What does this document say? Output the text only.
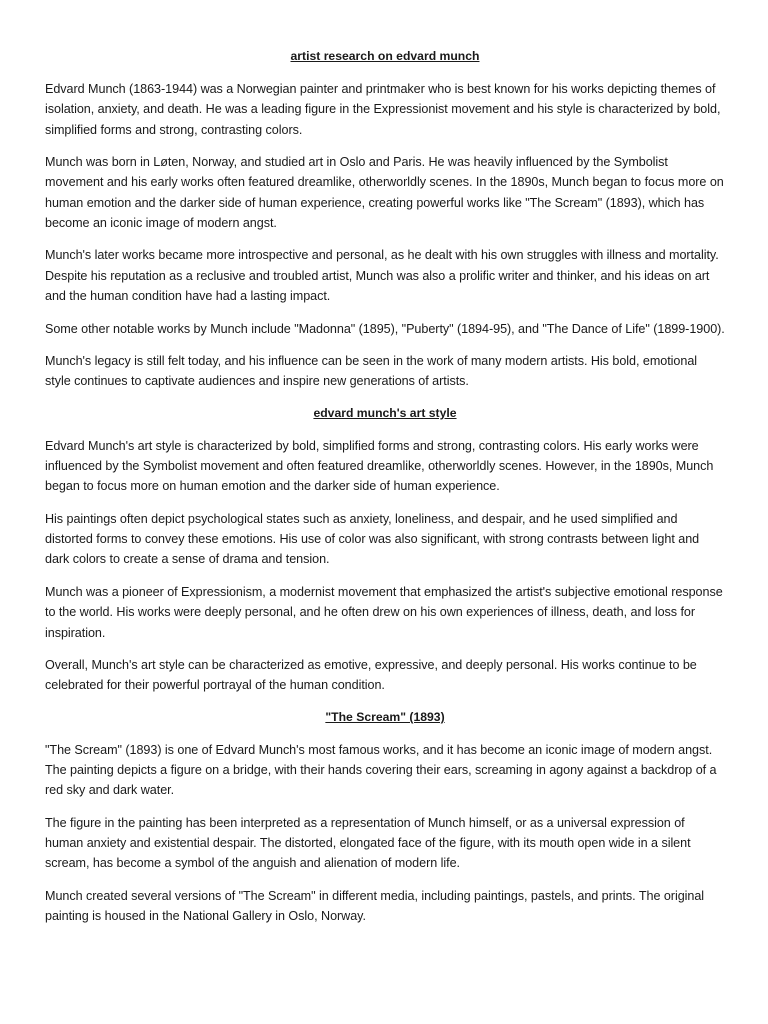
artist research on edvard munch

Edvard Munch (1863-1944) was a Norwegian painter and printmaker who is best known for his works depicting themes of isolation, anxiety, and death. He was a leading figure in the Expressionist movement and his style is characterized by bold, simplified forms and strong, contrasting colors.

Munch was born in Løten, Norway, and studied art in Oslo and Paris. He was heavily influenced by the Symbolist movement and his early works often featured dreamlike, otherworldly scenes. In the 1890s, Munch began to focus more on human emotion and the darker side of human experience, creating powerful works like "The Scream" (1893), which has become an iconic image of modern angst.

Munch's later works became more introspective and personal, as he dealt with his own struggles with illness and mortality. Despite his reputation as a reclusive and troubled artist, Munch was also a prolific writer and thinker, and his ideas on art and the human condition have had a lasting impact.

Some other notable works by Munch include "Madonna" (1895), "Puberty" (1894-95), and "The Dance of Life" (1899-1900).

Munch's legacy is still felt today, and his influence can be seen in the work of many modern artists. His bold, emotional style continues to captivate audiences and inspire new generations of artists.

edvard munch's art style

Edvard Munch's art style is characterized by bold, simplified forms and strong, contrasting colors. His early works were influenced by the Symbolist movement and often featured dreamlike, otherworldly scenes. However, in the 1890s, Munch began to focus more on human emotion and the darker side of human experience.

His paintings often depict psychological states such as anxiety, loneliness, and despair, and he used simplified and distorted forms to convey these emotions. His use of color was also significant, with strong contrasts between light and dark colors to create a sense of drama and tension.

Munch was a pioneer of Expressionism, a modernist movement that emphasized the artist's subjective emotional response to the world. His works were deeply personal, and he often drew on his own experiences of illness, death, and loss for inspiration.

Overall, Munch's art style can be characterized as emotive, expressive, and deeply personal. His works continue to be celebrated for their powerful portrayal of the human condition.

"The Scream" (1893)

"The Scream" (1893) is one of Edvard Munch's most famous works, and it has become an iconic image of modern angst. The painting depicts a figure on a bridge, with their hands covering their ears, screaming in agony against a backdrop of a red sky and dark water.

The figure in the painting has been interpreted as a representation of Munch himself, or as a universal expression of human anxiety and existential despair. The distorted, elongated face of the figure, with its mouth open wide in a silent scream, has become a symbol of the anguish and alienation of modern life.

Munch created several versions of "The Scream" in different media, including paintings, pastels, and prints. The original painting is housed in the National Gallery in Oslo, Norway.
